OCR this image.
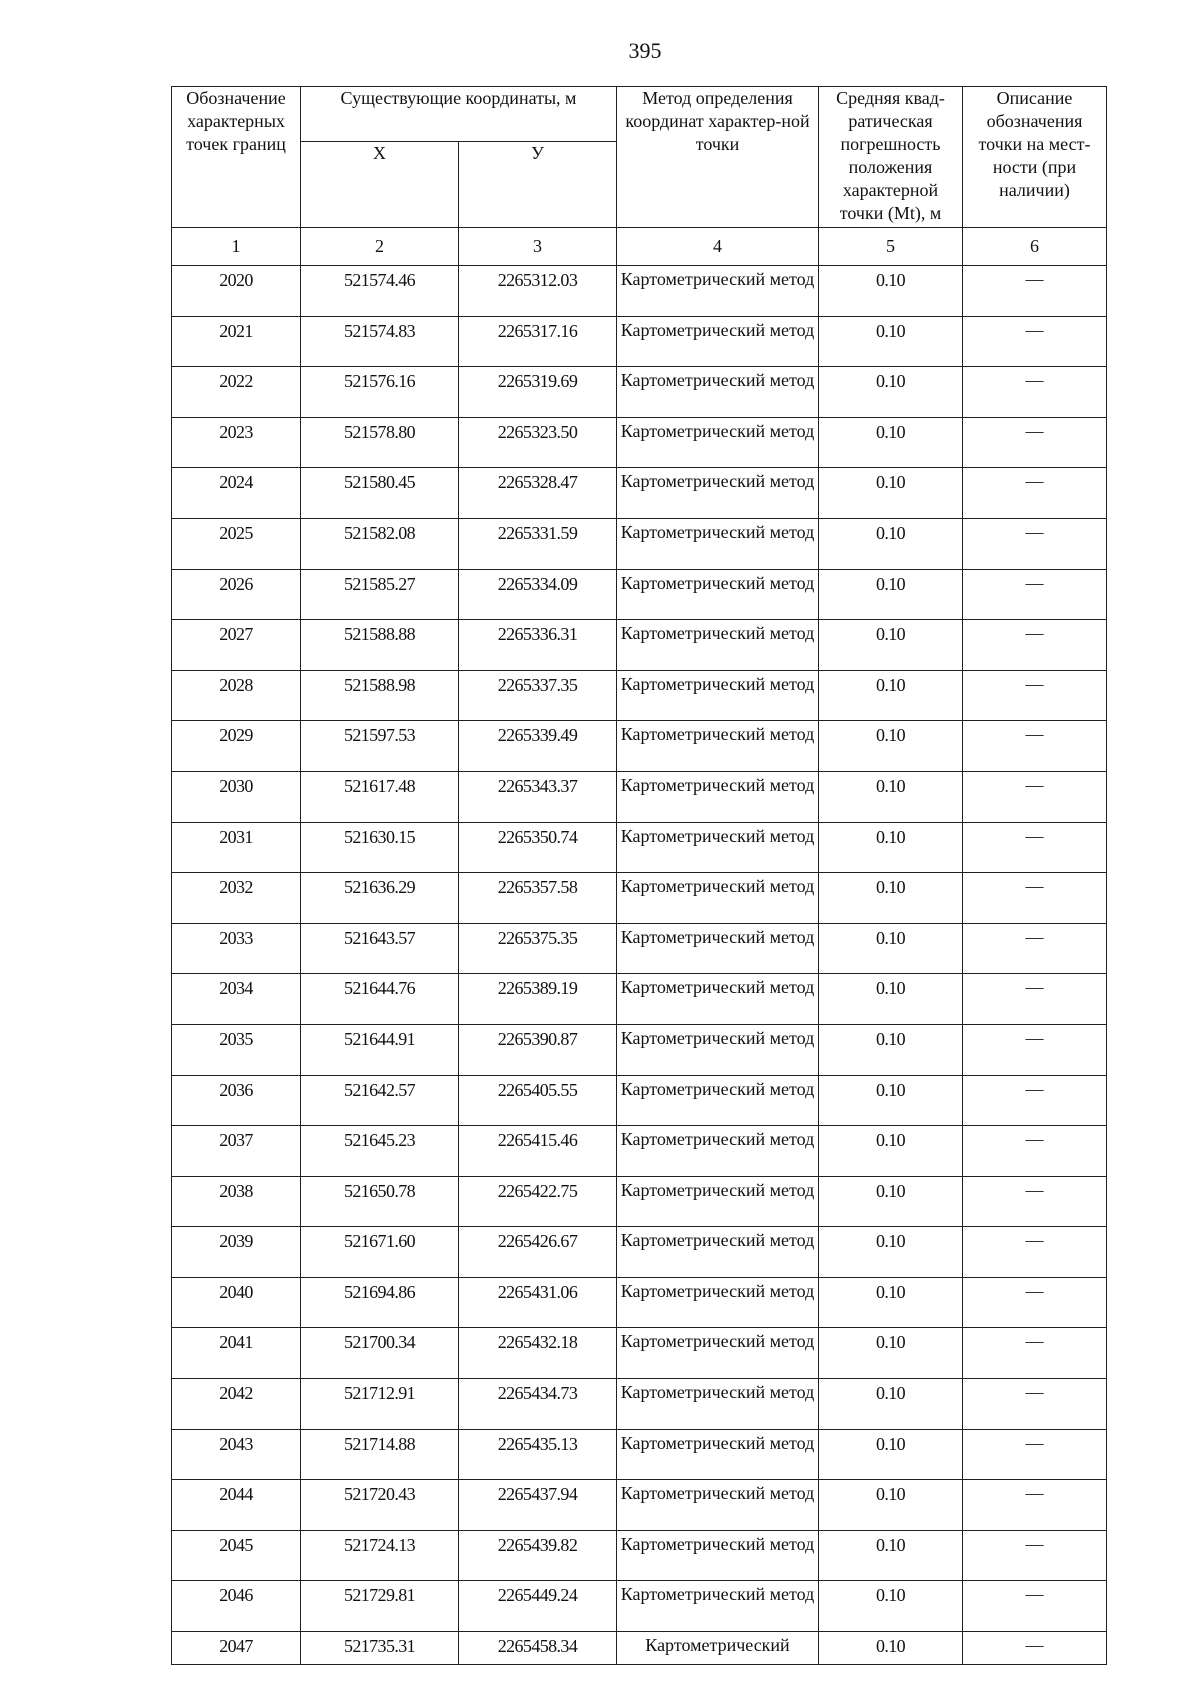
395
Обозначение характерных точек границ	Существующие координаты, м		Метод определения координат характер-ной точки	Средняя квад-ратическая погрешность положения характерной точки (Mt), м	Описание обозначения точки на мест-ности (при наличии)
	X	У			
1	2	3	4	5	6
2020	521574.46	2265312.03	Картометрический метод	0.10	—

2021	521574.83	2265317.16	Картометрический метод	0.10	—

2022	521576.16	2265319.69	Картометрический метод	0.10	—

2023	521578.80	2265323.50	Картометрический метод	0.10	—

2024	521580.45	2265328.47	Картометрический метод	0.10	—

2025	521582.08	2265331.59	Картометрический метод	0.10	—

2026	521585.27	2265334.09	Картометрический метод	0.10	—

2027	521588.88	2265336.31	Картометрический метод	0.10	—

2028	521588.98	2265337.35	Картометрический метод	0.10	—

2029	521597.53	2265339.49	Картометрический метод	0.10	—

2030	521617.48	2265343.37	Картометрический метод	0.10	—

2031	521630.15	2265350.74	Картометрический метод	0.10	—

2032	521636.29	2265357.58	Картометрический метод	0.10	—

2033	521643.57	2265375.35	Картометрический метод	0.10	—

2034	521644.76	2265389.19	Картометрический метод	0.10	—

2035	521644.91	2265390.87	Картометрический метод	0.10	—

2036	521642.57	2265405.55	Картометрический метод	0.10	—

2037	521645.23	2265415.46	Картометрический метод	0.10	—

2038	521650.78	2265422.75	Картометрический метод	0.10	—

2039	521671.60	2265426.67	Картометрический метод	0.10	—

2040	521694.86	2265431.06	Картометрический метод	0.10	—

2041	521700.34	2265432.18	Картометрический метод	0.10	—

2042	521712.91	2265434.73	Картометрический метод	0.10	—

2043	521714.88	2265435.13	Картометрический метод	0.10	—

2044	521720.43	2265437.94	Картометрический метод	0.10	—

2045	521724.13	2265439.82	Картометрический метод	0.10	—

2046	521729.81	2265449.24	Картометрический метод	0.10	—

2047	521735.31	2265458.34	Картометрический	0.10	—
